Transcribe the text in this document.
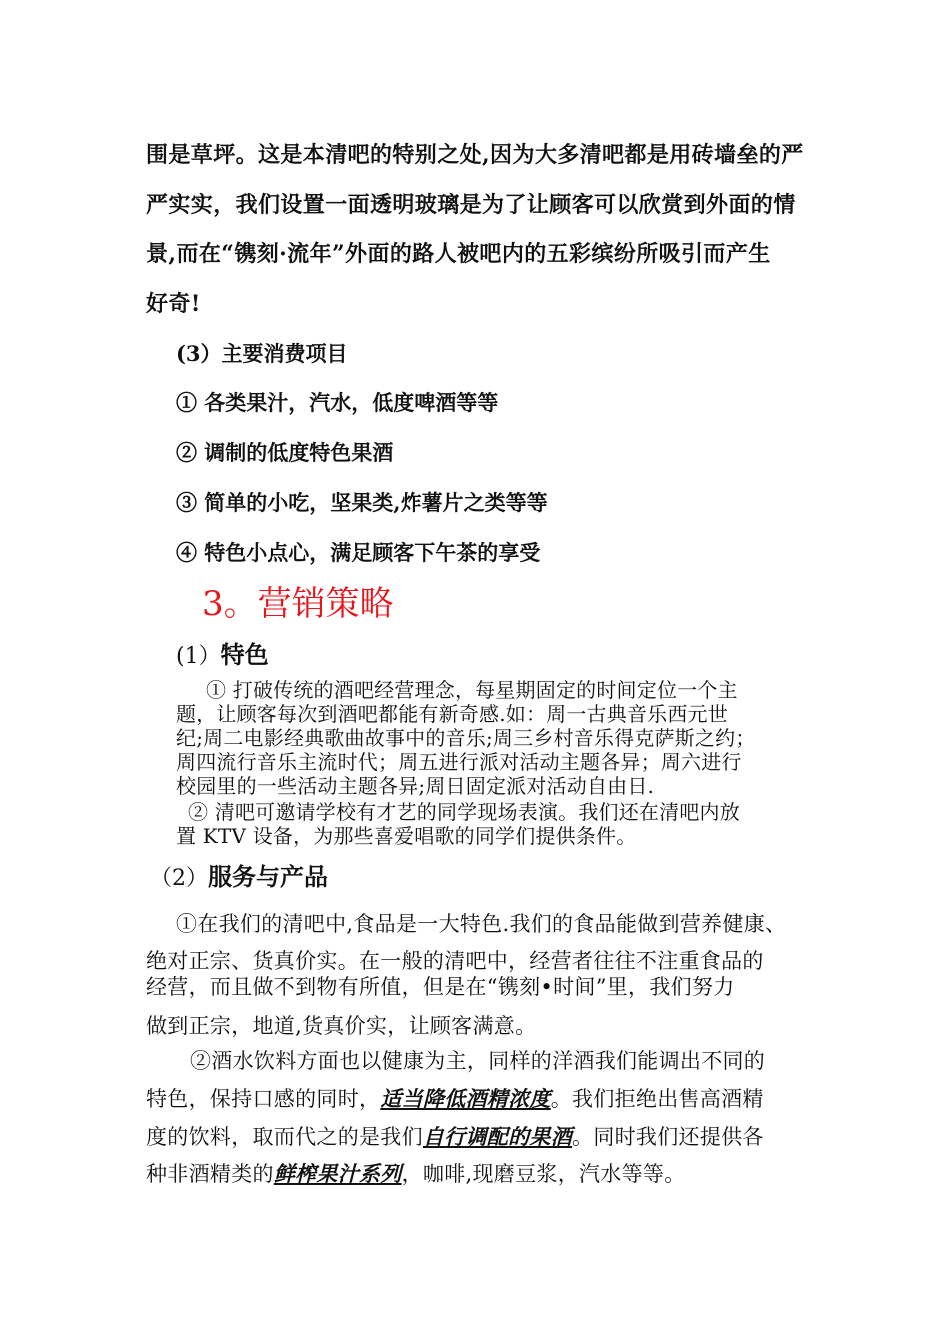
围是草坪。这是本清吧的特别之处,因为大多清吧都是用砖墙垒的严
严实实，我们设置一面透明玻璃是为了让顾客可以欣赏到外面的情
景,而在“镌刻·流年”外面的路人被吧内的五彩缤纷所吸引而产生
好奇!
(3）主要消费项目
① 各类果汁，汽水，低度啤酒等等
② 调制的低度特色果酒
③ 简单的小吃，坚果类,炸薯片之类等等
④ 特色小点心，满足顾客下午茶的享受
3。营销策略
(1）特色
① 打破传统的酒吧经营理念，每星期固定的时间定位一个主
题，让顾客每次到酒吧都能有新奇感.如：周一古典音乐西元世
纪;周二电影经典歌曲故事中的音乐;周三乡村音乐得克萨斯之约；
周四流行音乐主流时代；周五进行派对活动主题各异；周六进行
校园里的一些活动主题各异;周日固定派对活动自由日.
② 清吧可邀请学校有才艺的同学现场表演。我们还在清吧内放
置 KTV 设备，为那些喜爱唱歌的同学们提供条件。
（2）服务与产品
①在我们的清吧中,食品是一大特色.我们的食品能做到营养健康、
绝对正宗、货真价实。在一般的清吧中，经营者往往不注重食品的
经营，而且做不到物有所值，但是在“镌刻•时间”里，我们努力
做到正宗，地道,货真价实，让顾客满意。
②酒水饮料方面也以健康为主，同样的洋酒我们能调出不同的
特色，保持口感的同时，适当降低酒精浓度。我们拒绝出售高酒精
度的饮料，取而代之的是我们自行调配的果酒。同时我们还提供各
种非酒精类的鲜榨果汁系列，咖啡,现磨豆浆，汽水等等。
